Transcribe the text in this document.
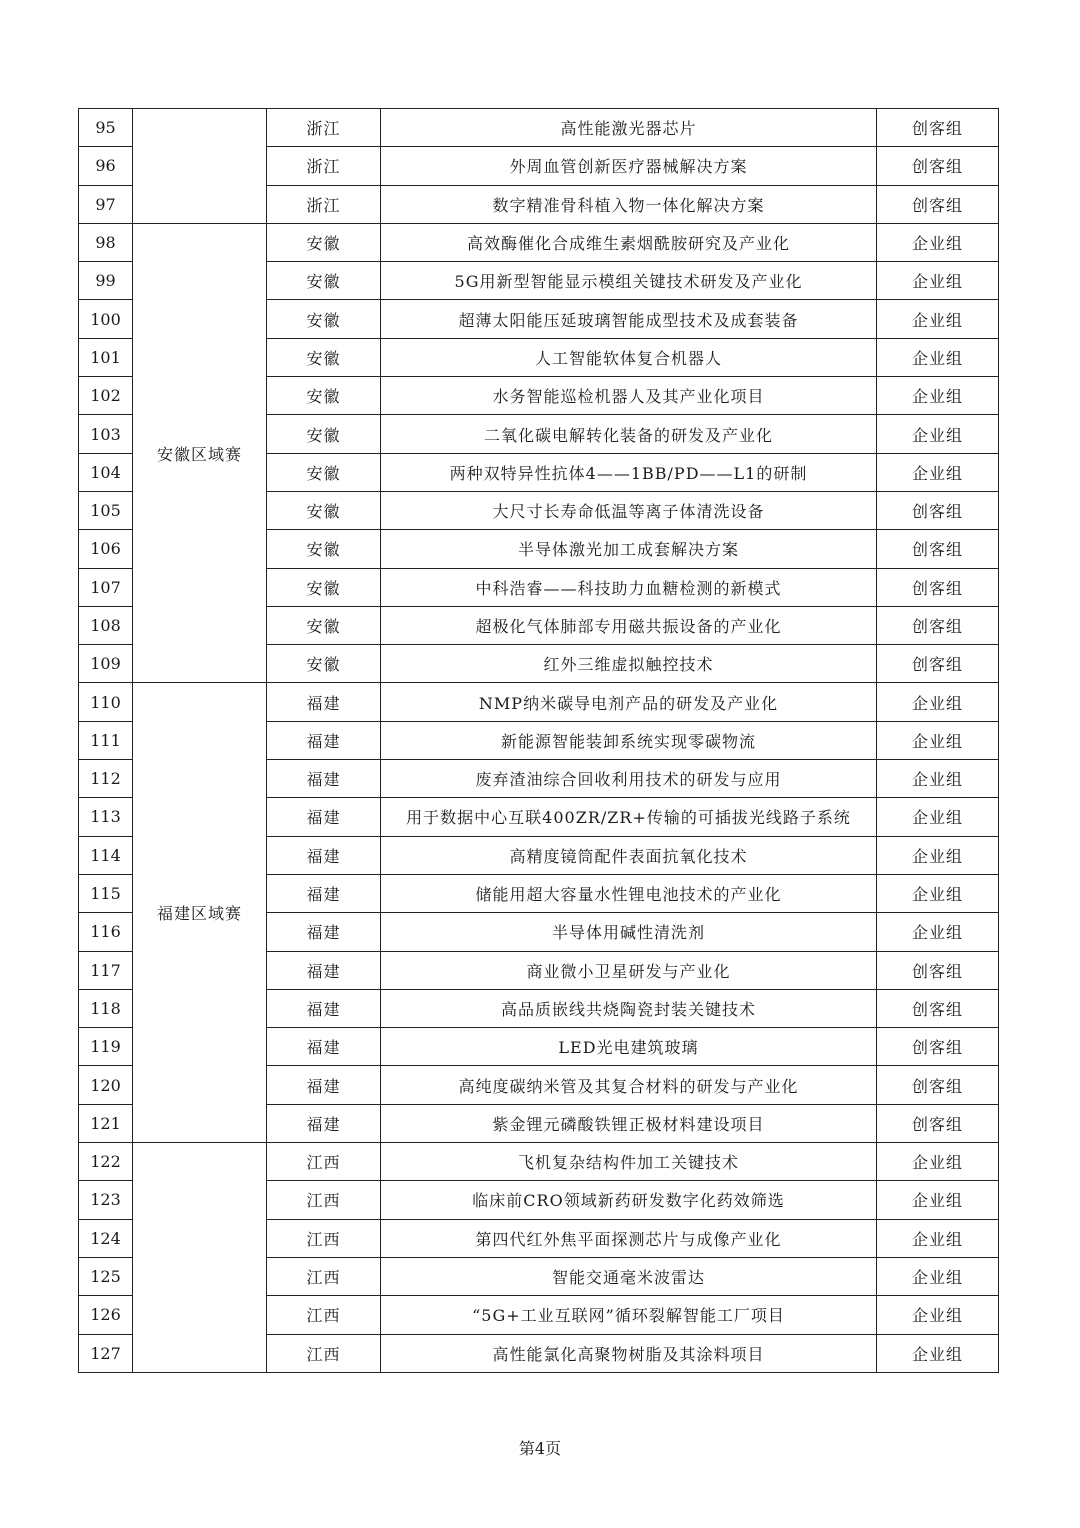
95		浙江	高性能激光器芯片	创客组
96		浙江	外周血管创新医疗器械解决方案	创客组
97		浙江	数字精准骨科植入物一体化解决方案	创客组
98	安徽区域赛	安徽	高效酶催化合成维生素烟酰胺研究及产业化	企业组
99		安徽	5G用新型智能显示模组关键技术研发及产业化	企业组
100		安徽	超薄太阳能压延玻璃智能成型技术及成套装备	企业组
101		安徽	人工智能软体复合机器人	企业组
102		安徽	水务智能巡检机器人及其产业化项目	企业组
103		安徽	二氧化碳电解转化装备的研发及产业化	企业组
104		安徽	两种双特异性抗体4——1BB/PD——L1的研制	企业组
105		安徽	大尺寸长寿命低温等离子体清洗设备	创客组
106		安徽	半导体激光加工成套解决方案	创客组
107		安徽	中科浩睿——科技助力血糖检测的新模式	创客组
108		安徽	超极化气体肺部专用磁共振设备的产业化	创客组
109		安徽	红外三维虚拟触控技术	创客组
110	福建区域赛	福建	NMP纳米碳导电剂产品的研发及产业化	企业组
111		福建	新能源智能装卸系统实现零碳物流	企业组
112		福建	废弃渣油综合回收利用技术的研发与应用	企业组
113		福建	用于数据中心互联400ZR/ZR+传输的可插拔光线路子系统	企业组
114		福建	高精度镜筒配件表面抗氧化技术	企业组
115		福建	储能用超大容量水性锂电池技术的产业化	企业组
116		福建	半导体用碱性清洗剂	企业组
117		福建	商业微小卫星研发与产业化	创客组
118		福建	高品质嵌线共烧陶瓷封装关键技术	创客组
119		福建	LED光电建筑玻璃	创客组
120		福建	高纯度碳纳米管及其复合材料的研发与产业化	创客组
121		福建	紫金锂元磷酸铁锂正极材料建设项目	创客组
122		江西	飞机复杂结构件加工关键技术	企业组
123		江西	临床前CRO领域新药研发数字化药效筛选	企业组
124		江西	第四代红外焦平面探测芯片与成像产业化	企业组
125		江西	智能交通毫米波雷达	企业组
126		江西	“5G+工业互联网”循环裂解智能工厂项目	企业组
127		江西	高性能氯化高聚物树脂及其涂料项目	企业组
第4页
